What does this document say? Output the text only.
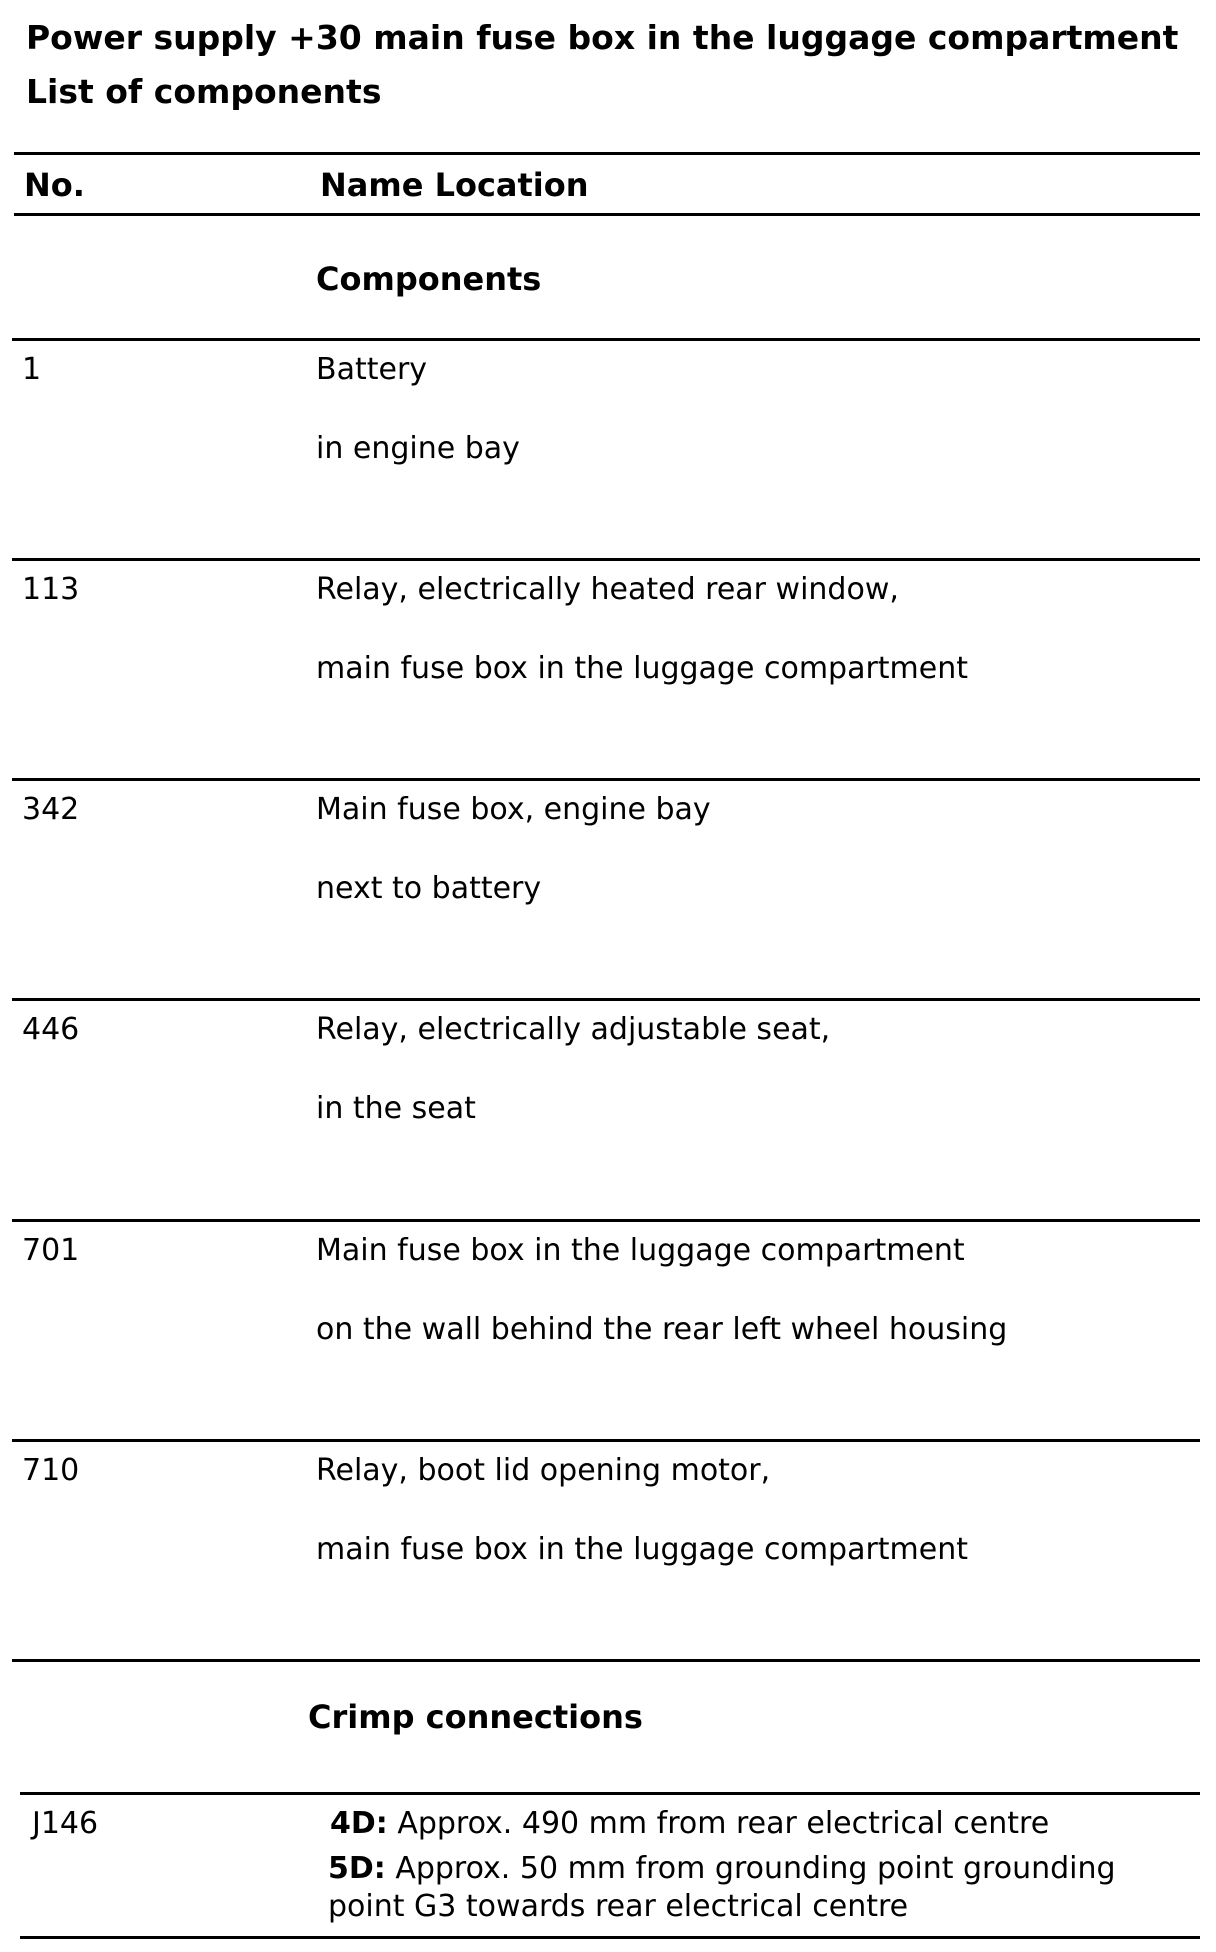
Power supply +30 main fuse box in the luggage compartment
List of components
No.	Name Location
Components
1	Battery
in engine bay
113	Relay, electrically heated rear window,
main fuse box in the luggage compartment
342	Main fuse box, engine bay
next to battery
446	Relay, electrically adjustable seat,
in the seat
701	Main fuse box in the luggage compartment
on the wall behind the rear left wheel housing
710	Relay, boot lid opening motor,
main fuse box in the luggage compartment
Crimp connections
J146	4D: Approx. 490 mm from rear electrical centre
5D: Approx. 50 mm from grounding point grounding point G3 towards rear electrical centre
